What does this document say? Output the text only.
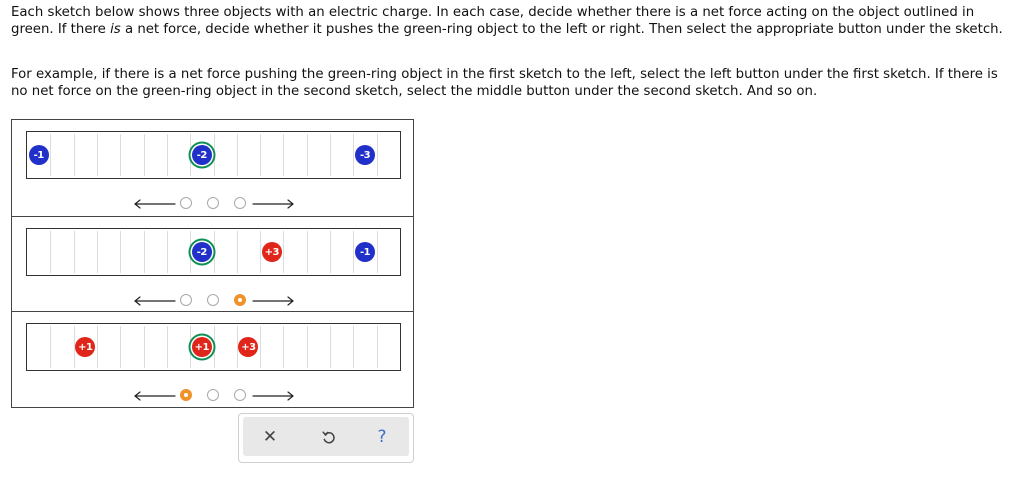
Each sketch below shows three objects with an electric charge. In each case, decide whether there is a net force acting on the object outlined in green. If there is a net force, decide whether it pushes the green-ring object to the left or right. Then select the appropriate button under the sketch.
For example, if there is a net force pushing the green-ring object in the first sketch to the left, select the left button under the first sketch. If there is no net force on the green-ring object in the second sketch, select the middle button under the second sketch. And so on.
-1	-2	-3
-2	+3	-1
+1	+1	+3
✕	?
